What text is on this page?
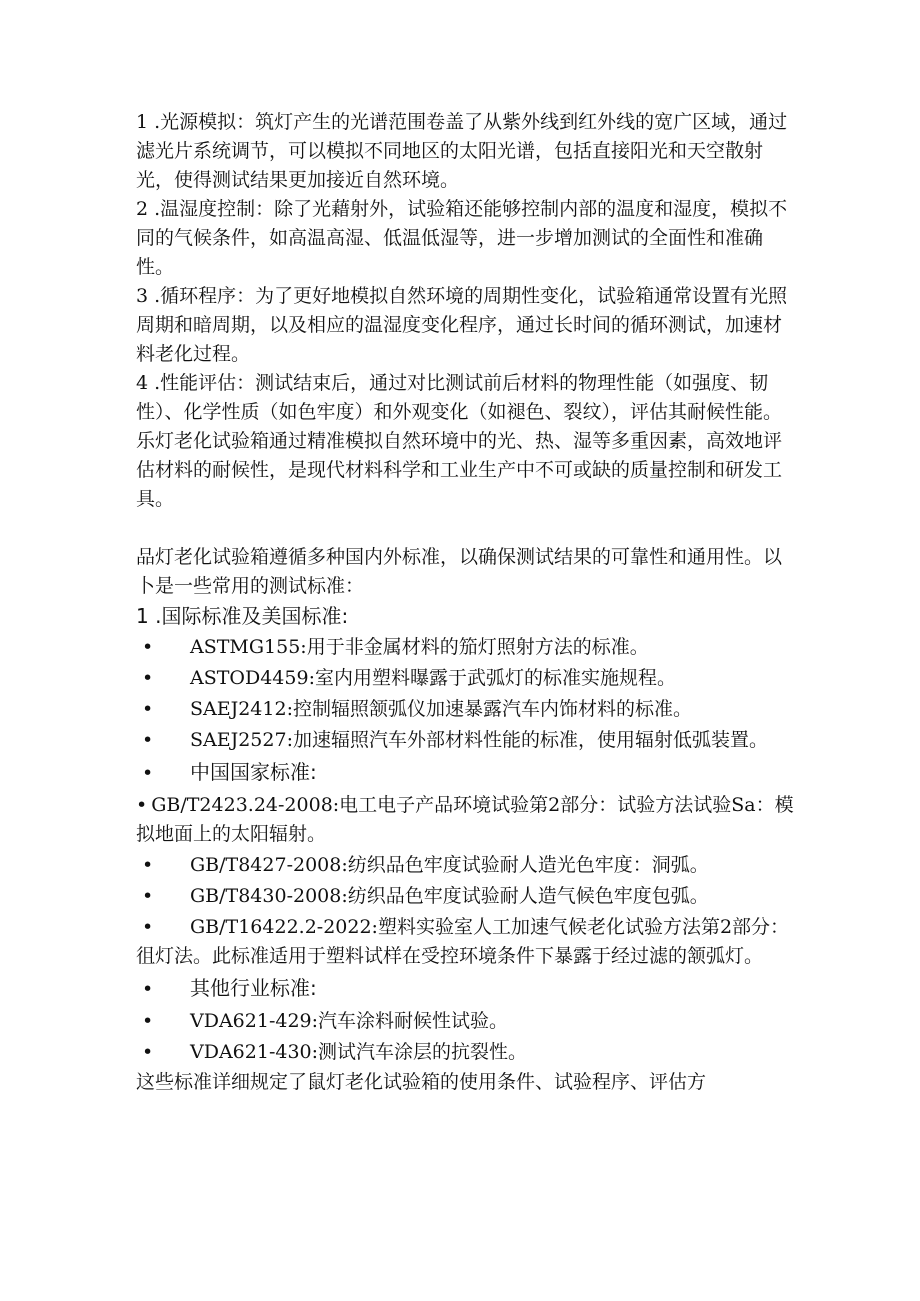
1 .光源模拟：筑灯产生的光谱范围卷盖了从紫外线到红外线的宽广区域，通过滤光片系统调节，可以模拟不同地区的太阳光谱，包括直接阳光和天空散射光，使得测试结果更加接近自然环境。

2 .温湿度控制：除了光藉射外，试验箱还能够控制内部的温度和湿度，模拟不同的气候条件，如高温高湿、低温低湿等，进一步增加测试的全面性和准确性。

3 .循环程序：为了更好地模拟自然环境的周期性变化，试验箱通常设置有光照周期和暗周期，以及相应的温湿度变化程序，通过长时间的循环测试，加速材料老化过程。

4 .性能评估：测试结束后，通过对比测试前后材料的物理性能（如强度、韧性）、化学性质（如色牢度）和外观变化（如褪色、裂纹），评估其耐候性能。

乐灯老化试验箱通过精准模拟自然环境中的光、热、湿等多重因素，高效地评估材料的耐候性，是现代材料科学和工业生产中不可或缺的质量控制和研发工具。

品灯老化试验箱遵循多种国内外标准，以确保测试结果的可靠性和通用性。以卜是一些常用的测试标准：

1 .国际标准及美国标准:

• ASTMG155:用于非金属材料的笳灯照射方法的标准。

• ASTOD4459:室内用塑料曝露于武弧灯的标准实施规程。

• SAEJ2412:控制辐照颔弧仪加速暴露汽车内饰材料的标准。

• SAEJ2527:加速辐照汽车外部材料性能的标准，使用辐射低弧装置。

• 中国国家标准:

• GB/T2423.24-2008:电工电子产品环境试验第2部分：试验方法试验Sa：模拟地面上的太阳辐射。

• GB/T8427-2008:纺织品色牢度试验耐人造光色牢度：洞弧。

• GB/T8430-2008:纺织品色牢度试验耐人造气候色牢度包弧。

• GB/T16422.2-2022:塑料实验室人工加速气候老化试验方法第2部分：徂灯法。此标准适用于塑料试样在受控环境条件下暴露于经过滤的颔弧灯。

• 其他行业标准:

• VDA621-429:汽车涂料耐候性试验。

• VDA621-430:测试汽车涂层的抗裂性。

这些标准详细规定了鼠灯老化试验箱的使用条件、试验程序、评估方
